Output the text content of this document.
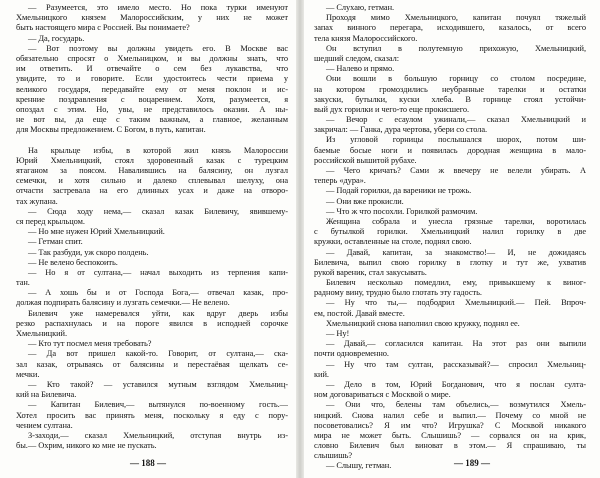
— Разумеется, это имело место. Но пока турки именуют
Хмельницкого князем Малороссийским, у них не может
быть настоящего мира с Россией. Вы понимаете?
— Да, государь.
— Вот поэтому вы должны увидеть его. В Москве вас
обязательно спросят о Хмельницком, и вы должны знать, что
им ответить. И отвечайте о сем без лукавства, что
увидите, то и говорите. Если удостоитесь чести приема у
великого государя, передавайте ему от меня поклон и ис-
кренние поздравления с воцарением. Хотя, разумеется, я
опоздал с этим. Но, увы, не представилось оказии. А ны-
не вот вы, да еще с таким важным, а главное, желанным
для Москвы предложением. С Богом, в путь, капитан.
На крыльце избы, в которой жил князь Малороссии
Юрий Хмельницкий, стоял здоровенный казак с турецким
ятаганом за поясом. Навалившись на балясину, он лузгал
семечки, и хотя сильно и далеко сплевывал шелуху, она
отчасти застревала на его длинных усах и даже на отворо-
тах жупана.
— Сюда ходу нема,— сказал казак Билевичу, явившему-
ся перед крыльцом.
— Но мне нужен Юрий Хмельницкий.
— Гетман спит.
— Так разбуди, уж скоро полдень.
— Не велено беспокоить.
— Но я от султана,— начал выходить из терпения капи-
тан.
— А хошь бы и от Господа Бога,— отвечал казак, про-
должая подпирать балясину и лузгать семечки.— Не велено.
Билевич уже намеревался уйти, как вдруг дверь избы
резко распахнулась и на пороге явился в исподней сорочке
Хмельницкий.
— Кто тут посмел меня требовать?
— Да вот пришел какой-то. Говорит, от султана,— ска-
зал казак, отрываясь от балясины и перестаёвая щелкать се-
мечки.
— Кто такой? — уставился мутным взглядом Хмельниц-
кий на Билевича.
— Капитан Билевич,— вытянулся по-военному гость.—
Хотел просить вас принять меня, поскольку я еду с пору-
чением султана.
З-заходи,— сказал Хмельницкий, отступая внутрь из-
бы.— Охрим, никого ко мне не пускать.
— 188 —
— Слухаю, гетман.
Проходя мимо Хмельницкого, капитан почуял тяжелый
запах винного перегара, исходившего, казалось, от всего
тела князя Малороссийского.
Он вступил в полутемную прихожую, Хмельницкий,
шедший следом, сказал:
— Налево и прямо.
Они вошли в большую горницу со столом посредине,
на котором громоздились неубранные тарелки и остатки
закуски, бутылки, куски хлеба. В горнице стоял устойчи-
вый дух горилки и чего-то еще прокисшего.
— Вечор с есаулом ужинали,— сказал Хмельницкий и
закричал: — Ганка, дура чертова, убери со стола.
Из угловой горницы послышался шорох, потом ши-
баемые босые ноги и появилась дородная женщина в мало-
российской вышитой рубахе.
— Чего кричать? Сами ж ввечеру не велели убирать. А
теперь «дура».
— Подай горилки, да вареники не трожь.
— Они вже прокисли.
— Что ж что посохли. Горилкой размочим.
Женщина собрала и унесла грязные тарелки, воротилась
с бутылкой горилки. Хмельницкий налил горилку в две
кружки, оставленные на столе, поднял свою.
— Давай, капитан, за знакомство!— И, не дожидаясь
Билевича, выпил свою горилку в глотку и тут же, ухватив
рукой вареник, стал закусывать.
Билевич несколько помедлил, ему, привыкшему к виног-
радному вину, трудно было глотать эту гадость.
— Ну что ты,— подбодрил Хмельницкий.— Пей. Впроч-
ем, постой. Давай вместе.
Хмельницкий снова наполнил свою кружку, поднял ее.
— Ну!
— Давай,— согласился капитан. На этот раз они выпили
почти одновременно.
— Ну что там султан, рассказывай?— спросил Хмельниц-
кий.
— Дело в том, Юрий Богданович, что я послан султа-
ном договариваться с Москвой о мире.
— Они что, белены там объелись,— возмутился Хмель-
ницкий. Снова налил себе и выпил.— Почему со мной не
посоветовались? Я им что? Игрушка? С Москвой никакого
мира не может быть. Слышишь? — сорвался он на крик,
словно Билевич был виноват в этом.— Я спрашиваю, ты
слышишь?
— Слышу, гетман.	— 189 —
